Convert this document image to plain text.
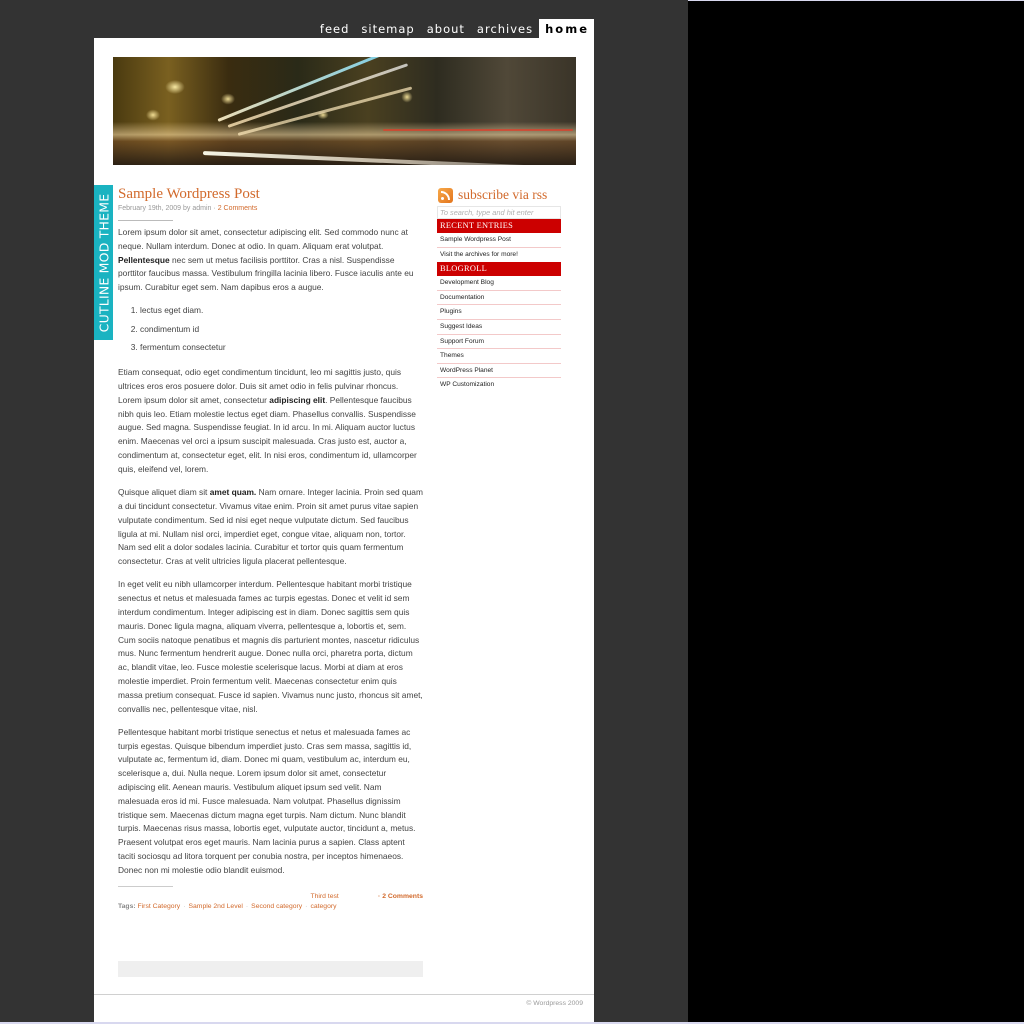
feed	sitemap	about	archives	home
CUTLINE MOD THEME Sample Wordpress Post
February 19th, 2009 by admin · 2 Comments

Lorem ipsum dolor sit amet, consectetur adipiscing elit. Sed commodo nunc at neque. Nullam interdum. Donec at odio. In quam. Aliquam erat volutpat. Pellentesque nec sem ut metus facilisis porttitor. Cras a nisl. Suspendisse porttitor faucibus massa. Vestibulum fringilla lacinia libero. Fusce iaculis ante eu ipsum. Curabitur eget sem. Nam dapibus eros a augue.

1. lectus eget diam.
2. condimentum id
3. fermentum consectetur

Etiam consequat, odio eget condimentum tincidunt, leo mi sagittis justo, quis ultrices eros eros posuere dolor. Duis sit amet odio in felis pulvinar rhoncus. Lorem ipsum dolor sit amet, consectetur adipiscing elit. Pellentesque faucibus nibh quis leo. Etiam molestie lectus eget diam. Phasellus convallis. Suspendisse augue. Sed magna. Suspendisse feugiat. In id arcu. In mi. Aliquam auctor luctus enim. Maecenas vel orci a ipsum suscipit malesuada. Cras justo est, auctor a, condimentum at, consectetur eget, elit. In nisi eros, condimentum id, ullamcorper quis, eleifend vel, lorem.

Quisque aliquet diam sit amet quam. Nam ornare. Integer lacinia. Proin sed quam a dui tincidunt consectetur. Vivamus vitae enim. Proin sit amet purus vitae sapien vulputate condimentum. Sed id nisi eget neque vulputate dictum. Sed faucibus ligula at mi. Nullam nisl orci, imperdiet eget, congue vitae, aliquam non, tortor. Nam sed elit a dolor sodales lacinia. Curabitur et tortor quis quam fermentum consectetur. Cras at velit ultricies ligula placerat pellentesque.

In eget velit eu nibh ullamcorper interdum. Pellentesque habitant morbi tristique senectus et netus et malesuada fames ac turpis egestas. Donec et velit id sem interdum condimentum. Integer adipiscing est in diam. Donec sagittis sem quis mauris. Donec ligula magna, aliquam viverra, pellentesque a, lobortis et, sem. Cum sociis natoque penatibus et magnis dis parturient montes, nascetur ridiculus mus. Nunc fermentum hendrerit augue. Donec nulla orci, pharetra porta, dictum ac, blandit vitae, leo. Fusce molestie scelerisque lacus. Morbi at diam at eros molestie imperdiet. Proin fermentum velit. Maecenas consectetur enim quis massa pretium consequat. Fusce id sapien. Vivamus nunc justo, rhoncus sit amet, convallis nec, pellentesque vitae, nisl.

Pellentesque habitant morbi tristique senectus et netus et malesuada fames ac turpis egestas. Quisque bibendum imperdiet justo. Cras sem massa, sagittis id, vulputate ac, fermentum id, diam. Donec mi quam, vestibulum ac, interdum eu, scelerisque a, dui. Nulla neque. Lorem ipsum dolor sit amet, consectetur adipiscing elit. Aenean mauris. Vestibulum aliquet ipsum sed velit. Nam malesuada eros id mi. Fusce malesuada. Nam volutpat. Phasellus dignissim tristique sem. Maecenas dictum magna eget turpis. Nam dictum. Nunc blandit turpis. Maecenas risus massa, lobortis eget, vulputate auctor, tincidunt a, metus. Praesent volutpat eros eget mauris. Nam lacinia purus a sapien. Class aptent taciti sociosqu ad litora torquent per conubia nostra, per inceptos himenaeos. Donec non mi molestie odio blandit euismod.

Tags: First Category · Sample 2nd Level · Second category ·Third test category
· 2 Comments
subscribe via rss
To search, type and hit enter
RECENT ENTRIES
Sample Wordpress Post
Visit the archives for more!
BLOGROLL
Development Blog
Documentation
Plugins
Suggest Ideas
Support Forum
Themes
WordPress Planet
WP Customization
© Wordpress 2009
